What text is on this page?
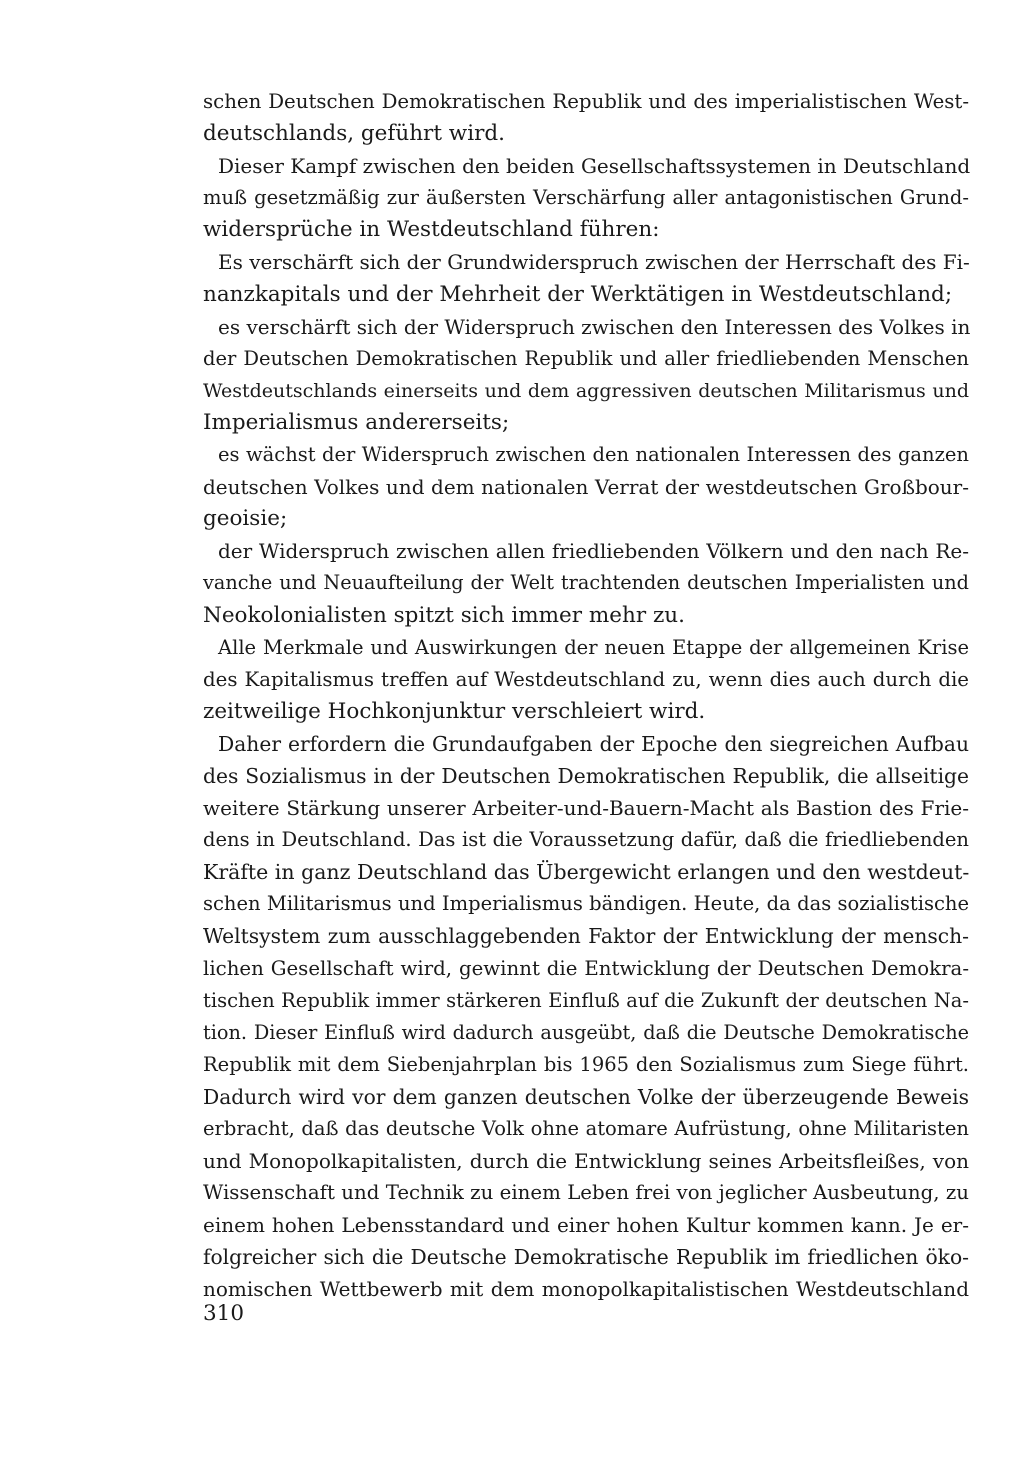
schen Deutschen Demokratischen Republik und des imperialistischen West-
deutschlands, geführt wird.
Dieser Kampf zwischen den beiden Gesellschaftssystemen in Deutschland
muß gesetzmäßig zur äußersten Verschärfung aller antagonistischen Grund-
widersprüche in Westdeutschland führen:
Es verschärft sich der Grundwiderspruch zwischen der Herrschaft des Fi-
nanzkapitals und der Mehrheit der Werktätigen in Westdeutschland;
es verschärft sich der Widerspruch zwischen den Interessen des Volkes in
der Deutschen Demokratischen Republik und aller friedliebenden Menschen
Westdeutschlands einerseits und dem aggressiven deutschen Militarismus und
Imperialismus andererseits;
es wächst der Widerspruch zwischen den nationalen Interessen des ganzen
deutschen Volkes und dem nationalen Verrat der westdeutschen Großbour-
geoisie;
der Widerspruch zwischen allen friedliebenden Völkern und den nach Re-
vanche und Neuaufteilung der Welt trachtenden deutschen Imperialisten und
Neokolonialisten spitzt sich immer mehr zu.
Alle Merkmale und Auswirkungen der neuen Etappe der allgemeinen Krise
des Kapitalismus treffen auf Westdeutschland zu, wenn dies auch durch die
zeitweilige Hochkonjunktur verschleiert wird.
Daher erfordern die Grundaufgaben der Epoche den siegreichen Aufbau
des Sozialismus in der Deutschen Demokratischen Republik, die allseitige
weitere Stärkung unserer Arbeiter-und-Bauern-Macht als Bastion des Frie-
dens in Deutschland. Das ist die Voraussetzung dafür, daß die friedliebenden
Kräfte in ganz Deutschland das Übergewicht erlangen und den westdeut-
schen Militarismus und Imperialismus bändigen. Heute, da das sozialistische
Weltsystem zum ausschlaggebenden Faktor der Entwicklung der mensch-
lichen Gesellschaft wird, gewinnt die Entwicklung der Deutschen Demokra-
tischen Republik immer stärkeren Einfluß auf die Zukunft der deutschen Na-
tion. Dieser Einfluß wird dadurch ausgeübt, daß die Deutsche Demokratische
Republik mit dem Siebenjahrplan bis 1965 den Sozialismus zum Siege führt.
Dadurch wird vor dem ganzen deutschen Volke der überzeugende Beweis
erbracht, daß das deutsche Volk ohne atomare Aufrüstung, ohne Militaristen
und Monopolkapitalisten, durch die Entwicklung seines Arbeitsfleißes, von
Wissenschaft und Technik zu einem Leben frei von jeglicher Ausbeutung, zu
einem hohen Lebensstandard und einer hohen Kultur kommen kann. Je er-
folgreicher sich die Deutsche Demokratische Republik im friedlichen öko-
nomischen Wettbewerb mit dem monopolkapitalistischen Westdeutschland
310
